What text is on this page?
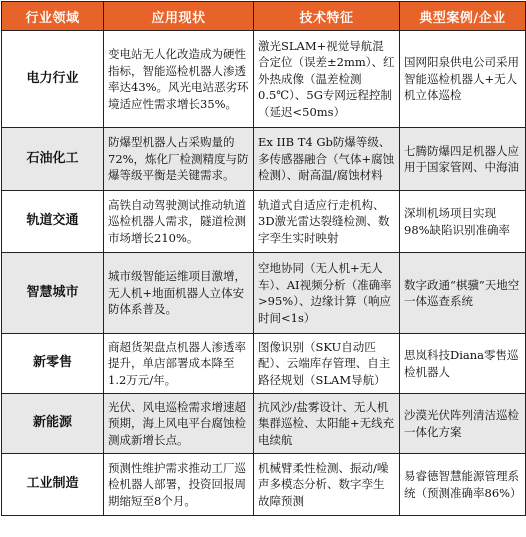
行业领域	应用现状	技术特征	典型案例/企业
电力行业	变电站无人化改造成为硬性指标，智能巡检机器人渗透率达43%。风光电站恶劣环境适应性需求增长35%。	激光SLAM+视觉导航混合定位（误差±2mm）、红外热成像（温差检测0.5℃）、5G专网远程控制（延迟<50ms）	国网阳泉供电公司采用智能巡检机器人+无人机立体巡检
石油化工	防爆型机器人占采购量的72%，炼化厂检测精度与防爆等级平衡是关键需求。	Ex IIB T4 Gb防爆等级、多传感器融合（气体+腐蚀检测）、耐高温/腐蚀材料	七腾防爆四足机器人应用于国家管网、中海油
轨道交通	高铁自动驾驶测试推动轨道巡检机器人需求，隧道检测市场增长210%。	轨道式自适应行走机构、3D激光雷达裂缝检测、数字孪生实时映射	深圳机场项目实现98%缺陷识别准确率
智慧城市	城市级智能运维项目激增，无人机+地面机器人立体安防体系普及。	空地协同（无人机+无人车）、AI视频分析（准确率>95%）、边缘计算（响应时间<1s）	数字政通“棋骥”天地空一体巡查系统
新零售	商超货架盘点机器人渗透率提升，单店部署成本降至1.2万元/年。	图像识别（SKU自动匹配）、云端库存管理、自主路径规划（SLAM导航）	思岚科技Diana零售巡检机器人
新能源	光伏、风电巡检需求增速超预期，海上风电平台腐蚀检测成新增长点。	抗风沙/盐雾设计、无人机集群巡检、太阳能+无线充电续航	沙漠光伏阵列清洁巡检一体化方案
工业制造	预测性维护需求推动工厂巡检机器人部署，投资回报周期缩短至8个月。	机械臂柔性检测、振动/噪声多模态分析、数字孪生故障预测	易睿德智慧能源管理系统（预测准确率86%）
